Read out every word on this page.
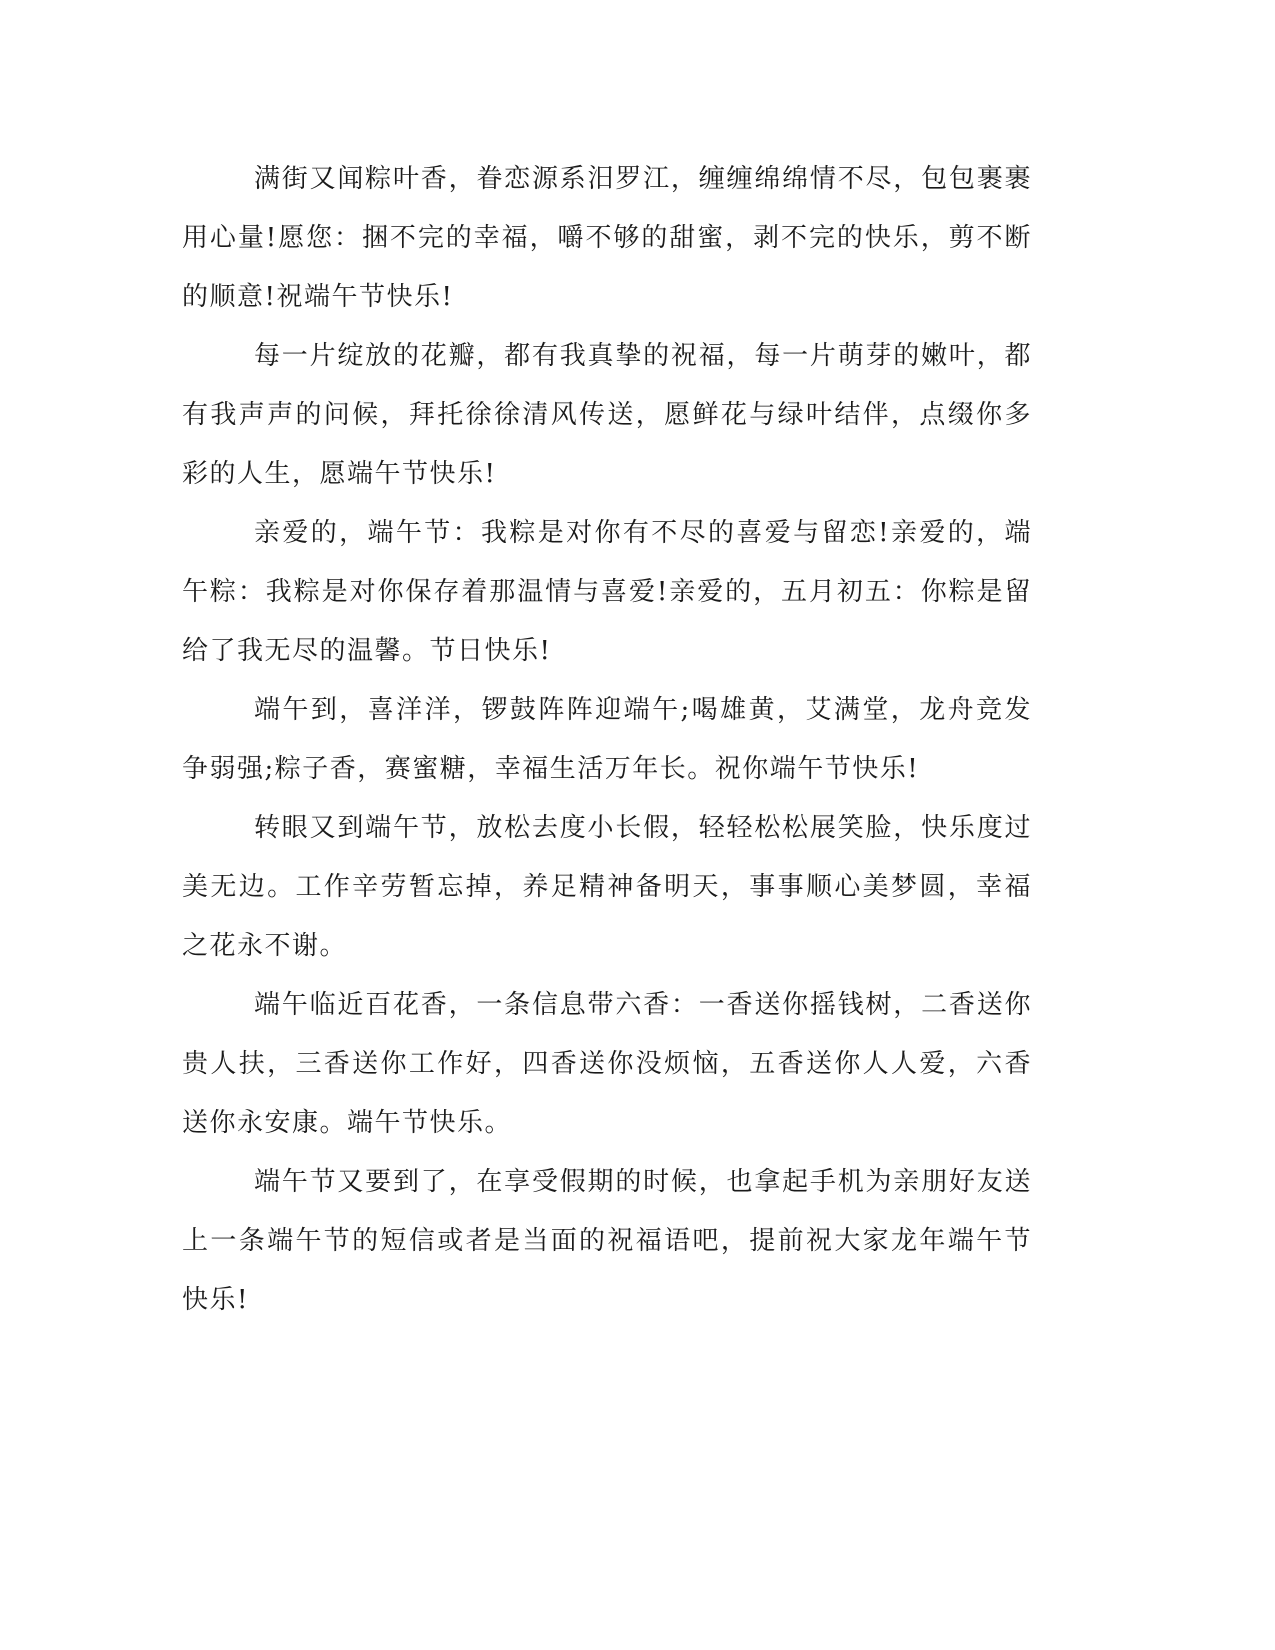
满街又闻粽叶香，眷恋源系汨罗江，缠缠绵绵情不尽，包包裹裹用心量!愿您：捆不完的幸福，嚼不够的甜蜜，剥不完的快乐，剪不断的顺意!祝端午节快乐!

每一片绽放的花瓣，都有我真挚的祝福，每一片萌芽的嫩叶，都有我声声的问候，拜托徐徐清风传送，愿鲜花与绿叶结伴，点缀你多彩的人生，愿端午节快乐!

亲爱的，端午节：我粽是对你有不尽的喜爱与留恋!亲爱的，端午粽：我粽是对你保存着那温情与喜爱!亲爱的，五月初五：你粽是留给了我无尽的温馨。节日快乐!

端午到，喜洋洋，锣鼓阵阵迎端午;喝雄黄，艾满堂，龙舟竞发争弱强;粽子香，赛蜜糖，幸福生活万年长。祝你端午节快乐!

转眼又到端午节，放松去度小长假，轻轻松松展笑脸，快乐度过美无边。工作辛劳暂忘掉，养足精神备明天，事事顺心美梦圆，幸福之花永不谢。

端午临近百花香，一条信息带六香：一香送你摇钱树，二香送你贵人扶，三香送你工作好，四香送你没烦恼，五香送你人人爱，六香送你永安康。端午节快乐。

端午节又要到了，在享受假期的时候，也拿起手机为亲朋好友送上一条端午节的短信或者是当面的祝福语吧，提前祝大家龙年端午节快乐!
